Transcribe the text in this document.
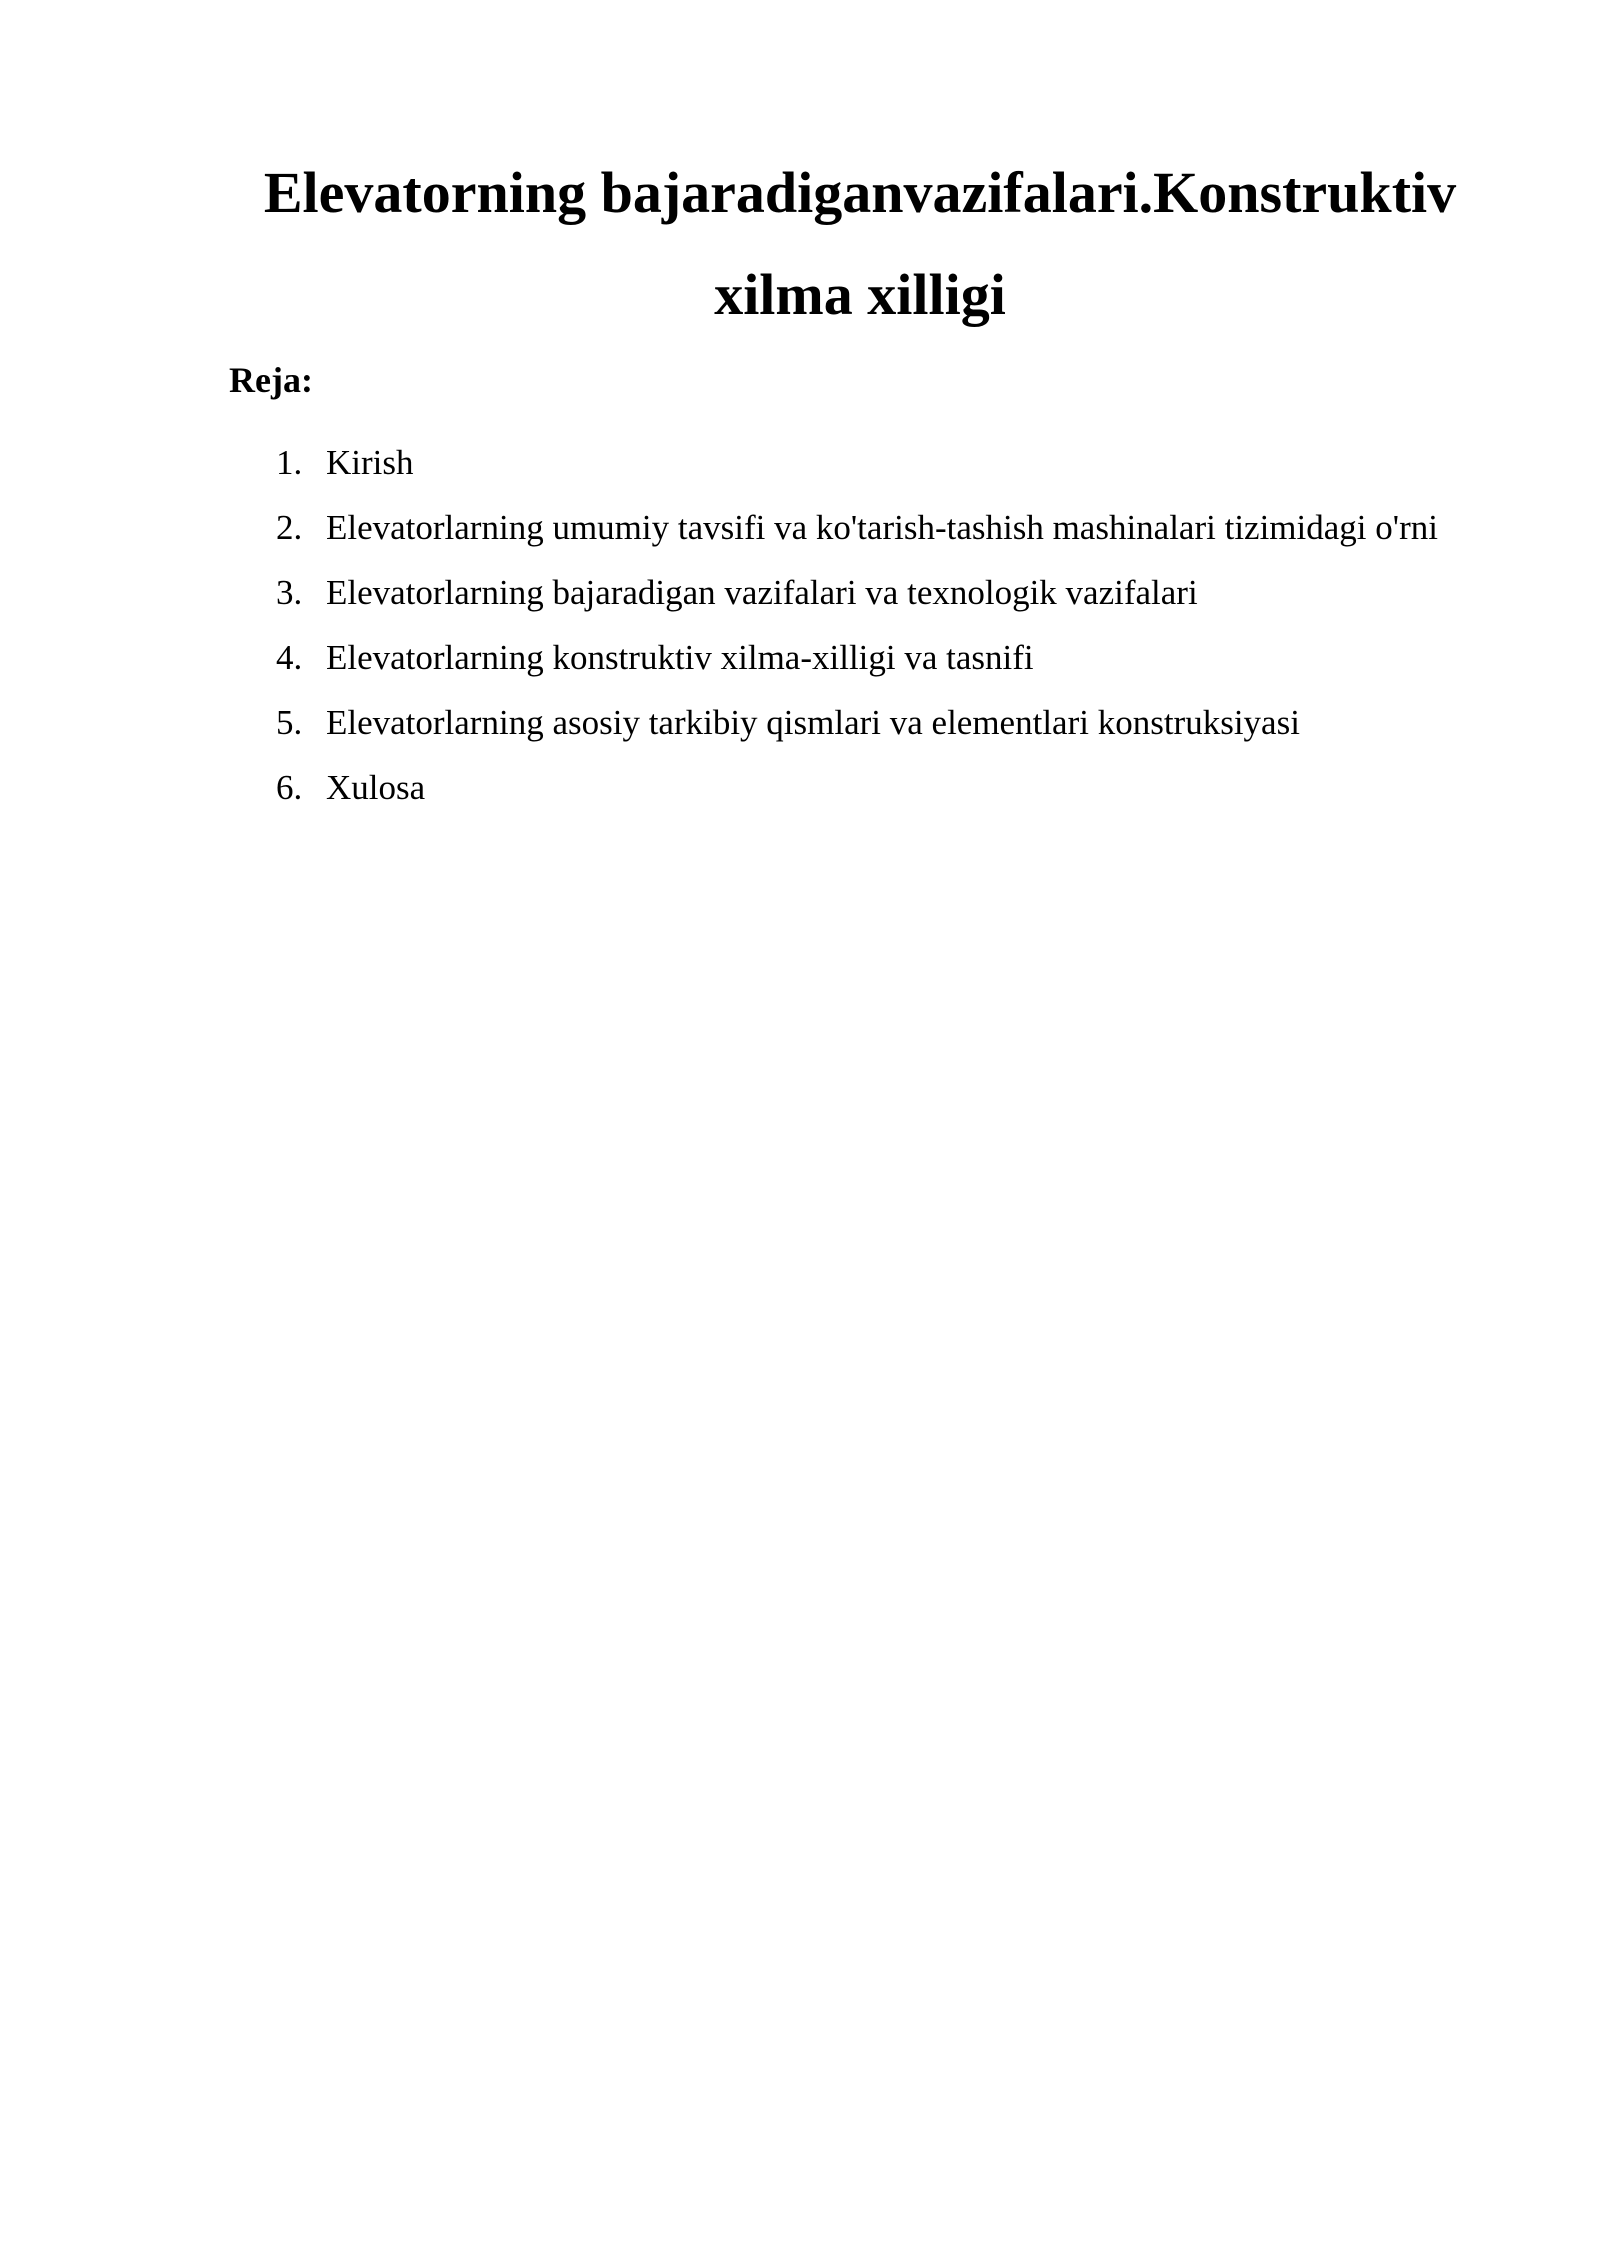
Elevatorning bajaradiganvazifalari.Konstruktiv xilma xilligi

Reja:

1. Kirish
2. Elevatorlarning umumiy tavsifi va ko'tarish-tashish mashinalari tizimidagi o'rni
3. Elevatorlarning bajaradigan vazifalari va texnologik vazifalari
4. Elevatorlarning konstruktiv xilma-xilligi va tasnifi
5. Elevatorlarning asosiy tarkibiy qismlari va elementlari konstruksiyasi
6. Xulosa
